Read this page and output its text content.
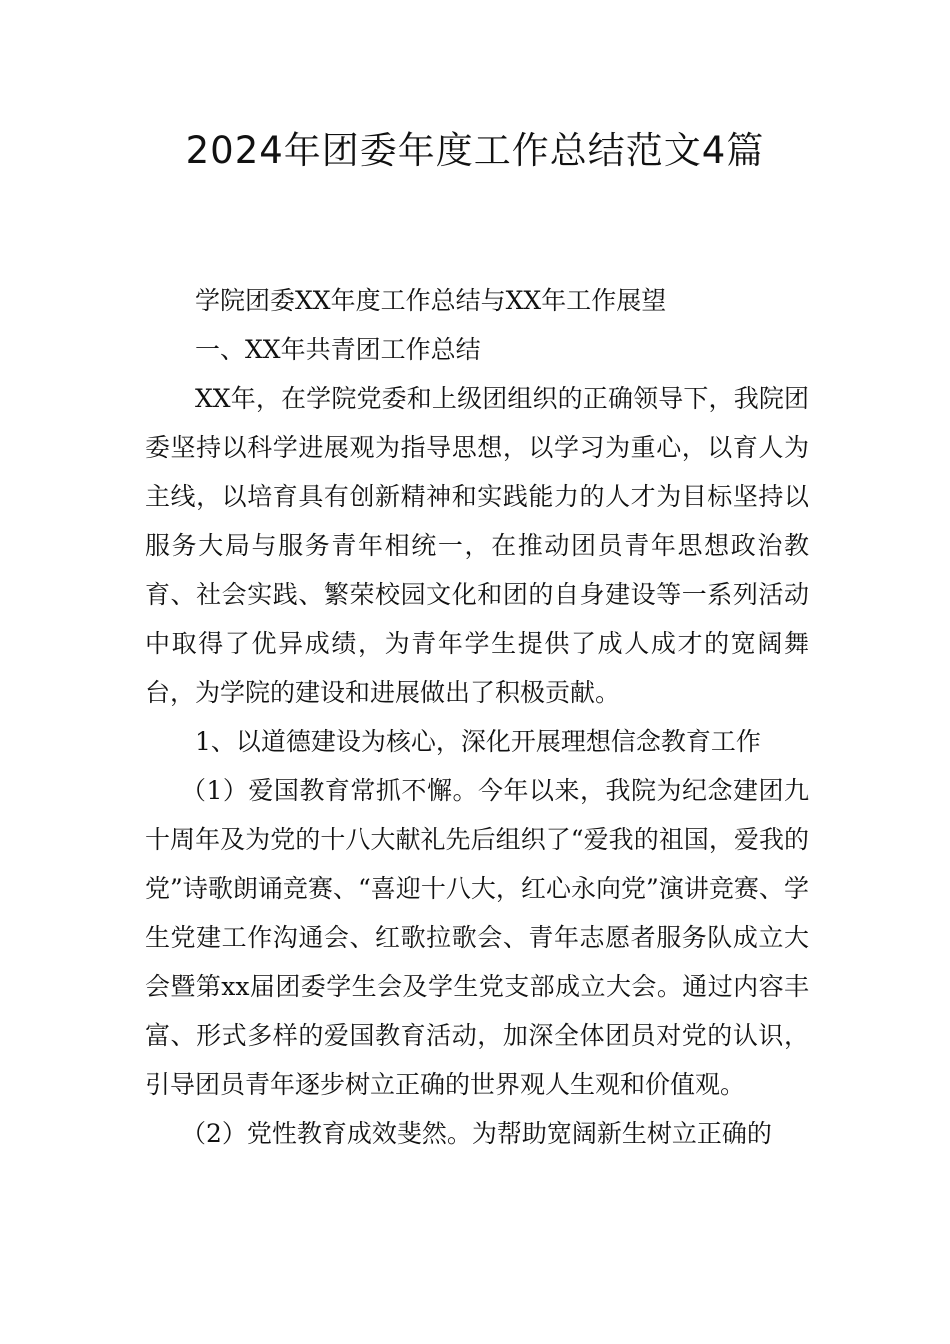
2024年团委年度工作总结范文4篇

学院团委XX年度工作总结与XX年工作展望

一、XX年共青团工作总结

XX年，在学院党委和上级团组织的正确领导下，我院团委坚持以科学进展观为指导思想，以学习为重心，以育人为主线，以培育具有创新精神和实践能力的人才为目标坚持以服务大局与服务青年相统一，在推动团员青年思想政治教育、社会实践、繁荣校园文化和团的自身建设等一系列活动中取得了优异成绩，为青年学生提供了成人成才的宽阔舞台，为学院的建设和进展做出了积极贡献。

1、以道德建设为核心，深化开展理想信念教育工作

（1）爱国教育常抓不懈。今年以来，我院为纪念建团九十周年及为党的十八大献礼先后组织了“爱我的祖国，爱我的党”诗歌朗诵竞赛、“喜迎十八大，红心永向党”演讲竞赛、学生党建工作沟通会、红歌拉歌会、青年志愿者服务队成立大会暨第xx届团委学生会及学生党支部成立大会。通过内容丰富、形式多样的爱国教育活动，加深全体团员对党的认识，引导团员青年逐步树立正确的世界观人生观和价值观。

（2）党性教育成效斐然。为帮助宽阔新生树立正确的
